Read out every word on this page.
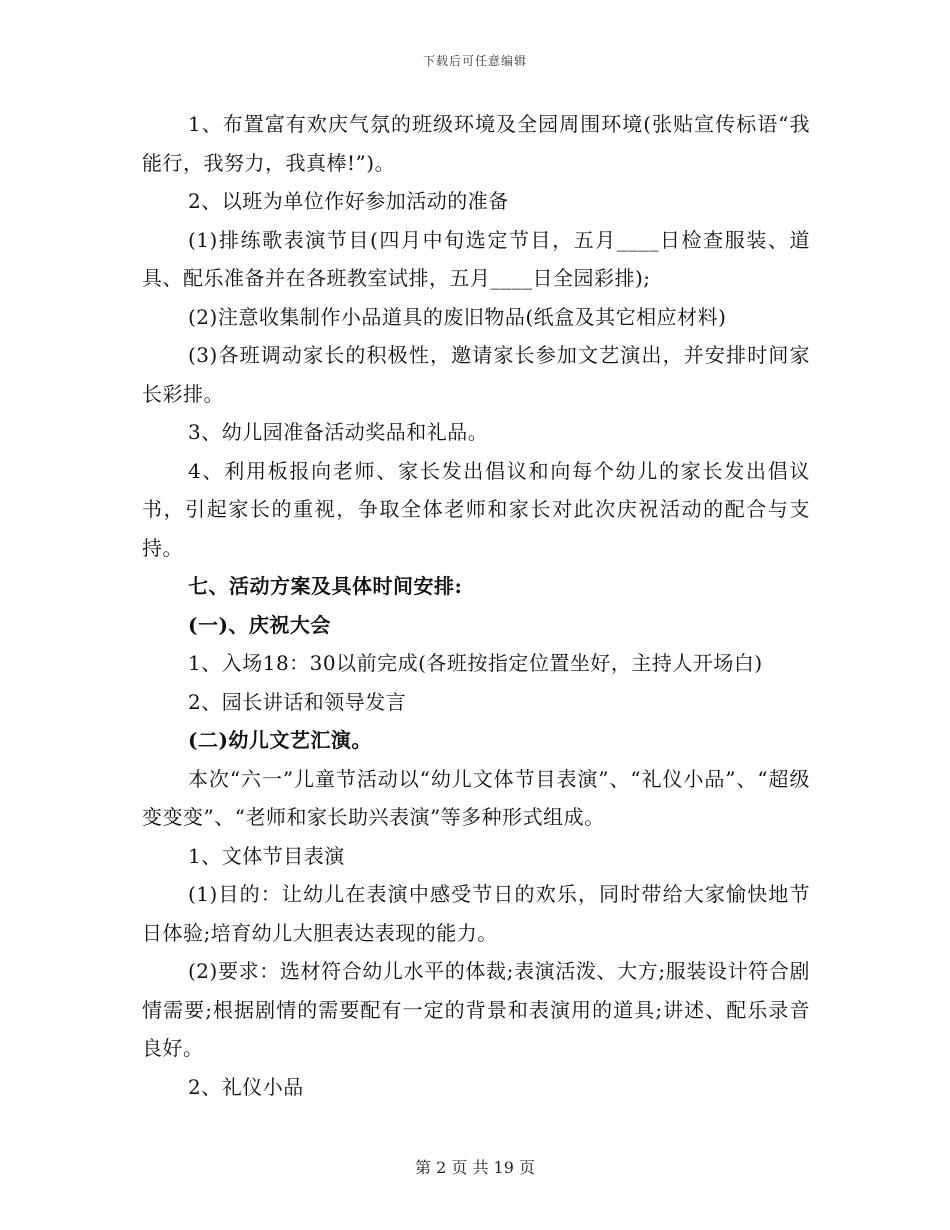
下载后可任意编辑

1、布置富有欢庆气氛的班级环境及全园周围环境(张贴宣传标语“我能行，我努力，我真棒!”)。

2、以班为单位作好参加活动的准备

(1)排练歌表演节目(四月中旬选定节目，五月____日检查服装、道具、配乐准备并在各班教室试排，五月____日全园彩排);

(2)注意收集制作小品道具的废旧物品(纸盒及其它相应材料)

(3)各班调动家长的积极性，邀请家长参加文艺演出，并安排时间家长彩排。

3、幼儿园准备活动奖品和礼品。

4、利用板报向老师、家长发出倡议和向每个幼儿的家长发出倡议书，引起家长的重视，争取全体老师和家长对此次庆祝活动的配合与支持。

七、活动方案及具体时间安排:

(一)、庆祝大会

1、入场18：30以前完成(各班按指定位置坐好，主持人开场白)

2、园长讲话和领导发言

(二)幼儿文艺汇演。

本次“六一”儿童节活动以“幼儿文体节目表演”、“礼仪小品”、“超级变变变”、“老师和家长助兴表演”等多种形式组成。

1、文体节目表演

(1)目的：让幼儿在表演中感受节日的欢乐，同时带给大家愉快地节日体验;培育幼儿大胆表达表现的能力。

(2)要求：选材符合幼儿水平的体裁;表演活泼、大方;服装设计符合剧情需要;根据剧情的需要配有一定的背景和表演用的道具;讲述、配乐录音良好。

2、礼仪小品

第 2 页 共 19 页
